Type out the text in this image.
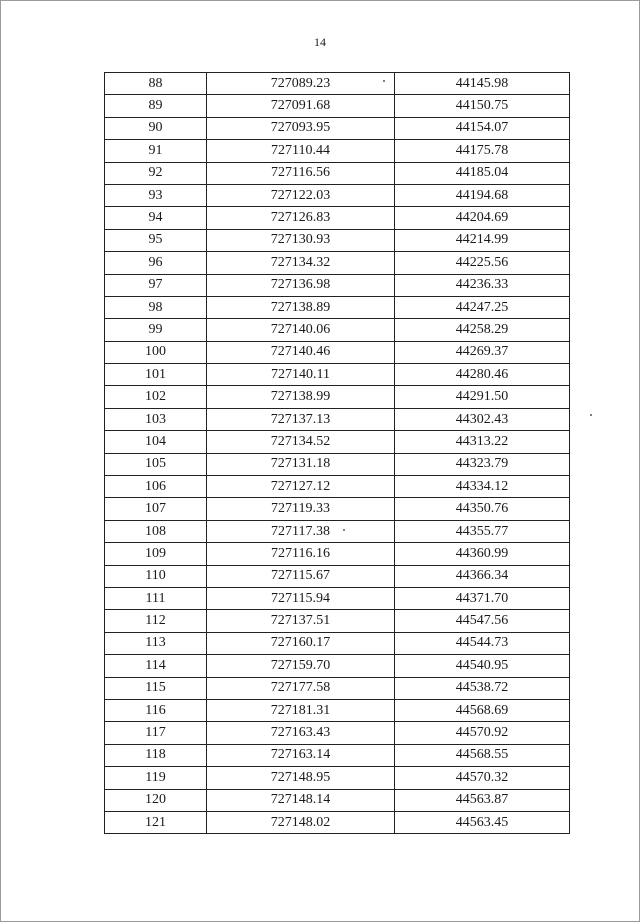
14
88	727089.23	44145.98
89	727091.68	44150.75
90	727093.95	44154.07
91	727110.44	44175.78
92	727116.56	44185.04
93	727122.03	44194.68
94	727126.83	44204.69
95	727130.93	44214.99
96	727134.32	44225.56
97	727136.98	44236.33
98	727138.89	44247.25
99	727140.06	44258.29
100	727140.46	44269.37
101	727140.11	44280.46
102	727138.99	44291.50
103	727137.13	44302.43
104	727134.52	44313.22
105	727131.18	44323.79
106	727127.12	44334.12
107	727119.33	44350.76
108	727117.38	44355.77
109	727116.16	44360.99
110	727115.67	44366.34
111	727115.94	44371.70
112	727137.51	44547.56
113	727160.17	44544.73
114	727159.70	44540.95
115	727177.58	44538.72
116	727181.31	44568.69
117	727163.43	44570.92
118	727163.14	44568.55
119	727148.95	44570.32
120	727148.14	44563.87
121	727148.02	44563.45
